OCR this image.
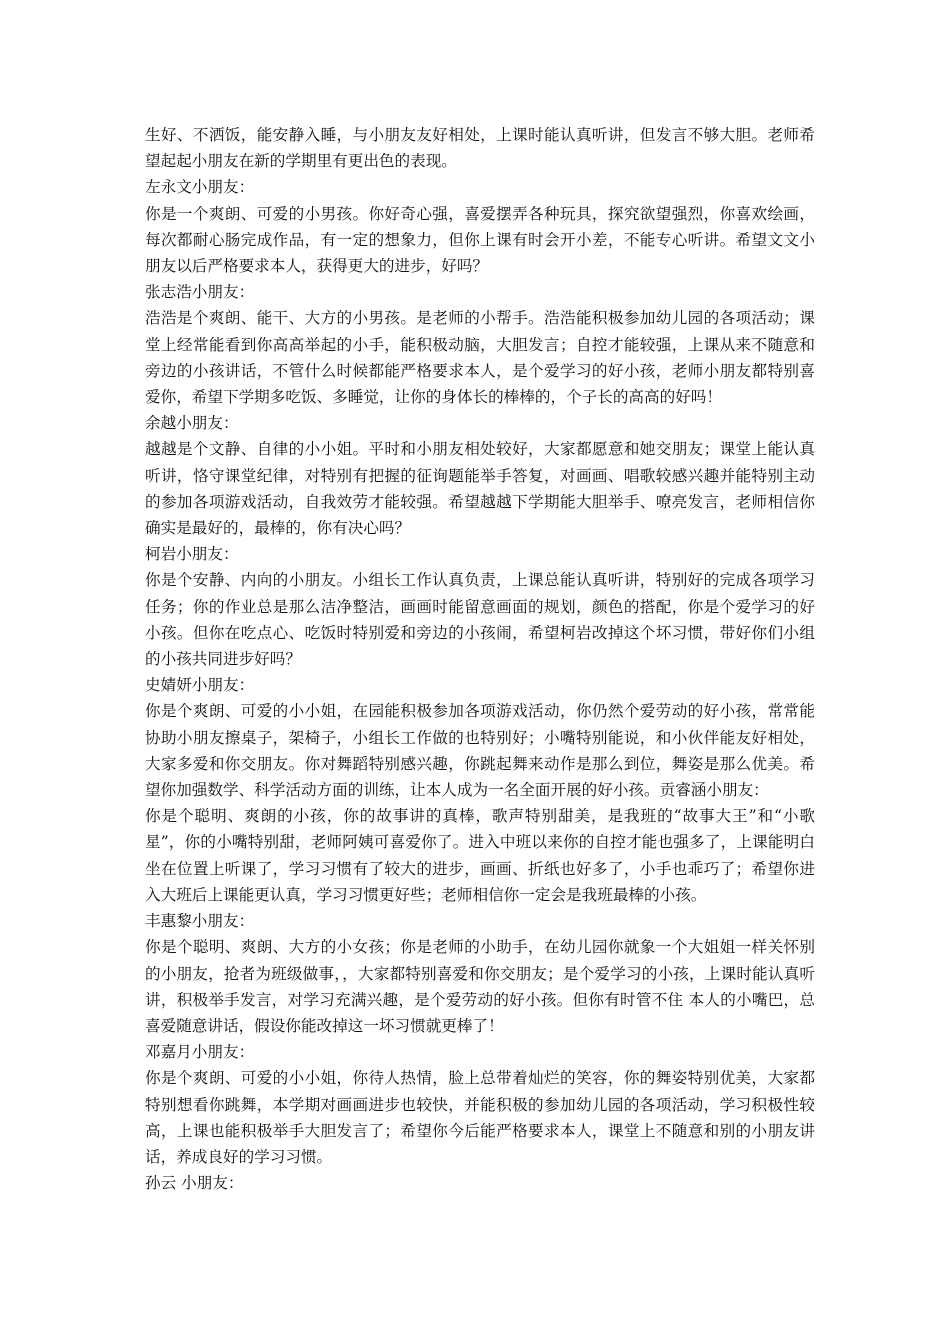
生好、不洒饭，能安静入睡，与小朋友友好相处，上课时能认真听讲，但发言不够大胆。老师希望起起小朋友在新的学期里有更出色的表现。

左永文小朋友：

你是一个爽朗、可爱的小男孩。你好奇心强，喜爱摆弄各种玩具，探究欲望强烈，你喜欢绘画，每次都耐心肠完成作品，有一定的想象力，但你上课有时会开小差，不能专心听讲。希望文文小朋友以后严格要求本人，获得更大的进步，好吗？

张志浩小朋友：

浩浩是个爽朗、能干、大方的小男孩。是老师的小帮手。浩浩能积极参加幼儿园的各项活动；课堂上经常能看到你高高举起的小手，能积极动脑，大胆发言；自控才能较强，上课从来不随意和旁边的小孩讲话，不管什么时候都能严格要求本人，是个爱学习的好小孩，老师小朋友都特别喜爱你，希望下学期多吃饭、多睡觉，让你的身体长的棒棒的，个子长的高高的好吗！

余越小朋友：

越越是个文静、自律的小小姐。平时和小朋友相处较好，大家都愿意和她交朋友；课堂上能认真听讲，恪守课堂纪律，对特别有把握的征询题能举手答复，对画画、唱歌较感兴趣并能特别主动的参加各项游戏活动，自我效劳才能较强。希望越越下学期能大胆举手、嘹亮发言，老师相信你确实是最好的，最棒的，你有决心吗？

柯岩小朋友：

你是个安静、内向的小朋友。小组长工作认真负责，上课总能认真听讲，特别好的完成各项学习任务；你的作业总是那么洁净整洁，画画时能留意画面的规划，颜色的搭配，你是个爱学习的好小孩。但你在吃点心、吃饭时特别爱和旁边的小孩闹，希望柯岩改掉这个坏习惯，带好你们小组的小孩共同进步好吗？

史婧妍小朋友：

你是个爽朗、可爱的小小姐，在园能积极参加各项游戏活动，你仍然个爱劳动的好小孩，常常能协助小朋友擦桌子，架椅子，小组长工作做的也特别好；小嘴特别能说，和小伙伴能友好相处，大家多爱和你交朋友。你对舞蹈特别感兴趣，你跳起舞来动作是那么到位，舞姿是那么优美。希望你加强数学、科学活动方面的训练，让本人成为一名全面开展的好小孩。贡睿涵小朋友：

你是个聪明、爽朗的小孩，你的故事讲的真棒，歌声特别甜美，是我班的“故事大王”和“小歌星”，你的小嘴特别甜，老师阿姨可喜爱你了。进入中班以来你的自控才能也强多了，上课能明白坐在位置上听课了，学习习惯有了较大的进步，画画、折纸也好多了，小手也乖巧了；希望你进入大班后上课能更认真，学习习惯更好些；老师相信你一定会是我班最棒的小孩。

丰惠黎小朋友：

你是个聪明、爽朗、大方的小女孩；你是老师的小助手，在幼儿园你就象一个大姐姐一样关怀别的小朋友，抢者为班级做事，，大家都特别喜爱和你交朋友；是个爱学习的小孩，上课时能认真听讲，积极举手发言，对学习充满兴趣，是个爱劳动的好小孩。但你有时管不住 本人的小嘴巴，总喜爱随意讲话，假设你能改掉这一坏习惯就更棒了！

邓嘉月小朋友：

你是个爽朗、可爱的小小姐，你待人热情，脸上总带着灿烂的笑容，你的舞姿特别优美，大家都特别想看你跳舞，本学期对画画进步也较快，并能积极的参加幼儿园的各项活动，学习积极性较高，上课也能积极举手大胆发言了；希望你今后能严格要求本人，课堂上不随意和别的小朋友讲话，养成良好的学习习惯。

孙云 小朋友：
